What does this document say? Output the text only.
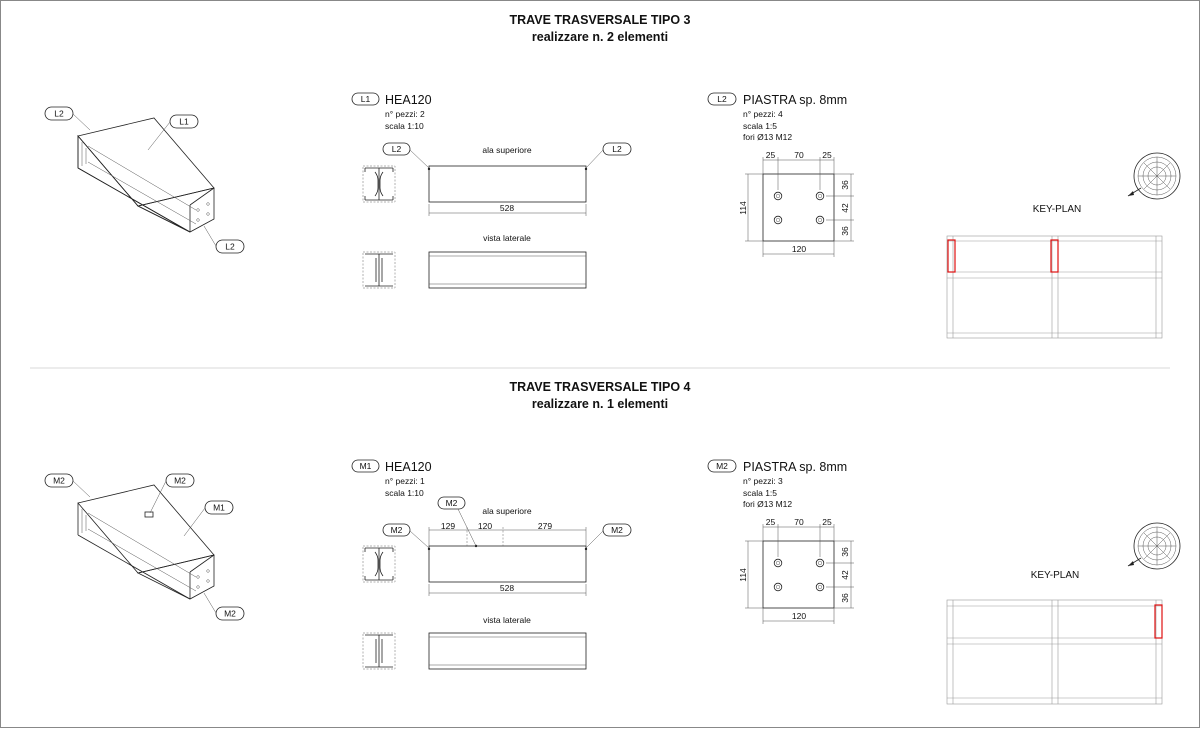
TRAVE TRASVERSALE TIPO 3
realizzare n. 2 elementi
L2
L1
L2
L1 HEA120
n° pezzi: 2
scala 1:10
ala superiore
528
L2	L2
vista laterale
L2 PIASTRA sp. 8mm
n° pezzi: 4
scala 1:5
fori Ø13 M12
25 70 25
36
42
36
114
120
KEY-PLAN
TRAVE TRASVERSALE TIPO 4
realizzare n. 1 elementi
M2	M2
M1
M2
M1 HEA120
n° pezzi: 1
scala 1:10
ala superiore
129	120	279
528
M2
M2	M2
vista laterale
M2 PIASTRA sp. 8mm
n° pezzi: 3
scala 1:5
fori Ø13 M12
25 70 25
36
42
36
114
120
KEY-PLAN
